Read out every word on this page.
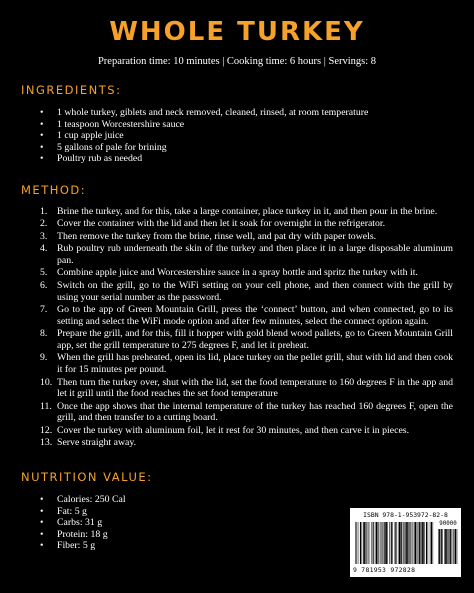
WHOLE TURKEY
Preparation time: 10 minutes | Cooking time: 6 hours | Servings: 8
INGREDIENTS:
• 1 whole turkey, giblets and neck removed, cleaned, rinsed, at room temperature
• 1 teaspoon Worcestershire sauce
• 1 cup apple juice
• 5 gallons of pale for brining
• Poultry rub as needed
METHOD:
1. Brine the turkey, and for this, take a large container, place turkey in it, and then pour in the brine.
2. Cover the container with the lid and then let it soak for overnight in the refrigerator.
3. Then remove the turkey from the brine, rinse well, and pat dry with paper towels.
4. Rub poultry rub underneath the skin of the turkey and then place it in a large disposable aluminum pan.
5. Combine apple juice and Worcestershire sauce in a spray bottle and spritz the turkey with it.
6. Switch on the grill, go to the WiFi setting on your cell phone, and then connect with the grill by using your serial number as the password.
7. Go to the app of Green Mountain Grill, press the ‘connect’ button, and when connected, go to its setting and select the WiFi mode option and after few minutes, select the connect option again.
8. Prepare the grill, and for this, fill it hopper with gold blend wood pallets, go to Green Mountain Grill app, set the grill temperature to 275 degrees F, and let it preheat.
9. When the grill has preheated, open its lid, place turkey on the pellet grill, shut with lid and then cook it for 15 minutes per pound.
10. Then turn the turkey over, shut with the lid, set the food temperature to 160 degrees F in the app and let it grill until the food reaches the set food temperature
11. Once the app shows that the internal temperature of the turkey has reached 160 degrees F, open the grill, and then transfer to a cutting board.
12. Cover the turkey with aluminum foil, let it rest for 30 minutes, and then carve it in pieces.
13. Serve straight away.
NUTRITION VALUE:
• Calories: 250 Cal
• Fat: 5 g
• Carbs: 31 g
• Protein: 18 g
• Fiber: 5 g
ISBN 978-1-953972-82-8
90000
9 781953 972828
